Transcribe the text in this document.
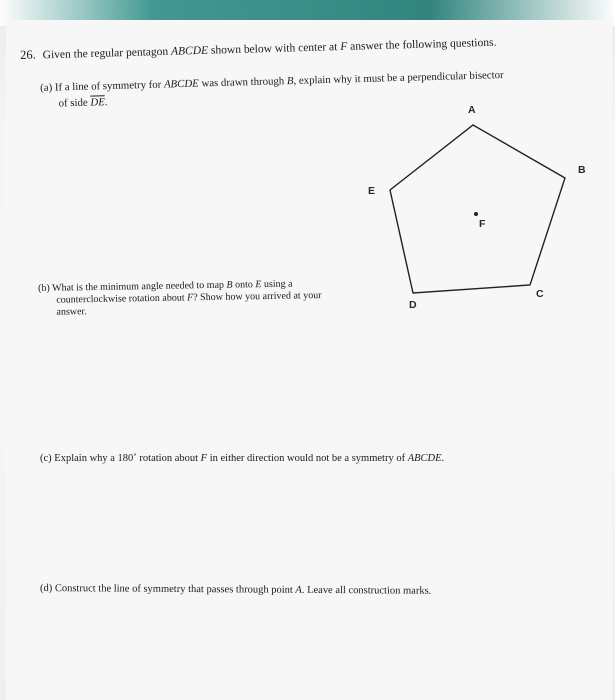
26. Given the regular pentagon ABCDE shown below with center at F answer the following questions.
(a) If a line of symmetry for ABCDE was drawn through B, explain why it must be a perpendicular bisector
of side $\overline{DE}$.
A
B
C
D
E
F
(b) What is the minimum angle needed to map B onto E using a
counterclockwise rotation about F? Show how you arrived at your
answer.
(c) Explain why a 180˚ rotation about F in either direction would not be a symmetry of ABCDE.
(d) Construct the line of symmetry that passes through point A. Leave all construction marks.
